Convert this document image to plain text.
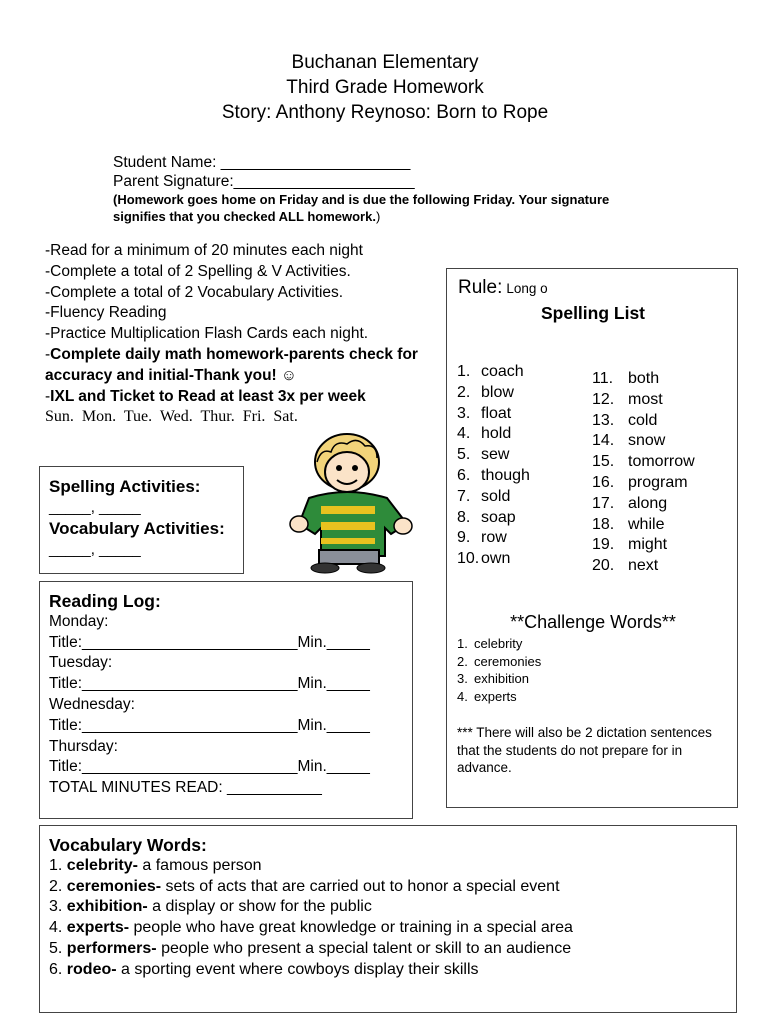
Buchanan Elementary
Third Grade Homework
Story: Anthony Reynoso: Born to Rope
Student Name: ______________________
Parent Signature:_____________________
(Homework goes home on Friday and is due the following Friday. Your signature signifies that you checked ALL homework.)
-Read for a minimum of 20 minutes each night
-Complete a total of 2 Spelling & V Activities.
-Complete a total of 2 Vocabulary Activities.
-Fluency Reading
-Practice Multiplication Flash Cards each night.
-Complete daily math homework-parents check for accuracy and initial-Thank you! ☺
-IXL and Ticket to Read at least 3x per week
Sun. Mon. Tue. Wed. Thur. Fri. Sat.
Spelling Activities:
_____, _____
Vocabulary Activities:
_____, _____
Reading Log:
Monday:
Title:_________________________Min._____
Tuesday:
Title:_________________________Min._____
Wednesday:
Title:_________________________Min._____
Thursday:
Title:_________________________Min._____
TOTAL MINUTES READ: ___________
Rule: Long o
Spelling List
1. coach
2. blow
3. float
4. hold
5. sew
6. though
7. sold
8. soap
9. row
10. own
11. both
12. most
13. cold
14. snow
15. tomorrow
16. program
17. along
18. while
19. might
20. next
**Challenge Words**
1. celebrity
2. ceremonies
3. exhibition
4. experts
*** There will also be 2 dictation sentences that the students do not prepare for in advance.
Vocabulary Words:
1. celebrity- a famous person
2. ceremonies- sets of acts that are carried out to honor a special event
3. exhibition- a display or show for the public
4. experts- people who have great knowledge or training in a special area
5. performers- people who present a special talent or skill to an audience
6. rodeo- a sporting event where cowboys display their skills
